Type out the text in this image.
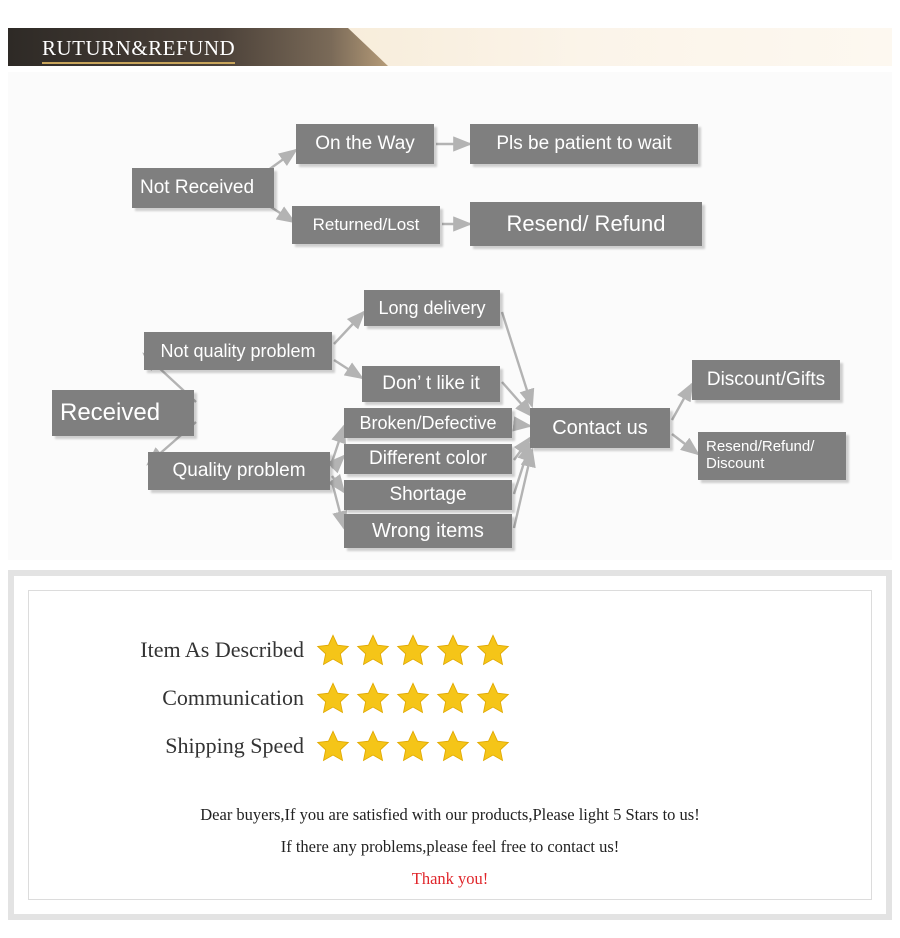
RUTURN&REFUND
Not Received
On the Way	Pls be patient to wait
Returned/Lost	Resend/ Refund
Received
Not quality problem
Quality problem
Long delivery
Don’ t like it
Broken/Defective
Different color
Shortage
Wrong items
Contact us
Discount/Gifts
Resend/Refund/ Discount
Item As Described
Communication
Shipping Speed
Dear buyers,If you are satisfied with our products,Please light 5 Stars to us!
If there any problems,please feel free to contact us!
Thank you!
